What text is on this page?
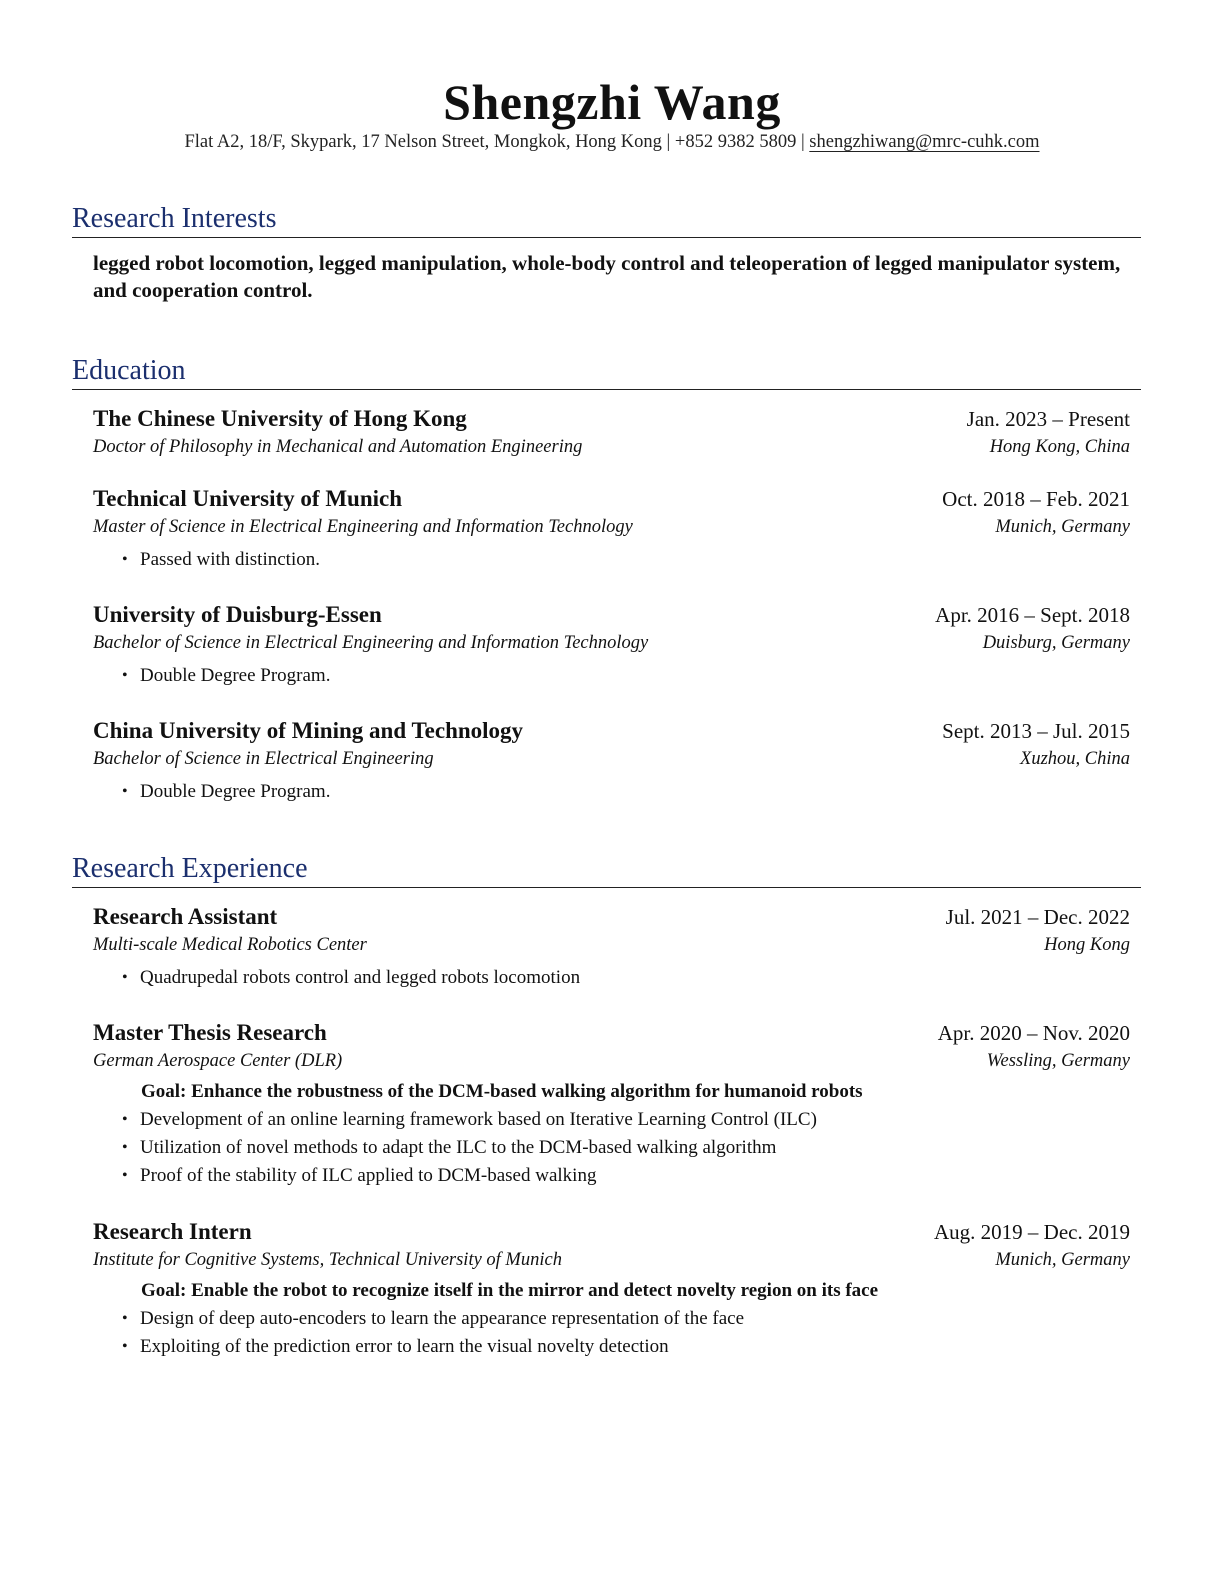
Shengzhi Wang
Flat A2, 18/F, Skypark, 17 Nelson Street, Mongkok, Hong Kong | +852 9382 5809 | shengzhiwang@mrc-cuhk.com
Research Interests
legged robot locomotion, legged manipulation, whole-body control and teleoperation of legged manipulator system, and cooperation control.
Education
The Chinese University of Hong Kong	Jan. 2023 – Present
Doctor of Philosophy in Mechanical and Automation Engineering	Hong Kong, China
Technical University of Munich	Oct. 2018 – Feb. 2021
Master of Science in Electrical Engineering and Information Technology	Munich, Germany
• Passed with distinction.
University of Duisburg-Essen	Apr. 2016 – Sept. 2018
Bachelor of Science in Electrical Engineering and Information Technology	Duisburg, Germany
• Double Degree Program.
China University of Mining and Technology	Sept. 2013 – Jul. 2015
Bachelor of Science in Electrical Engineering	Xuzhou, China
• Double Degree Program.
Research Experience
Research Assistant	Jul. 2021 – Dec. 2022
Multi-scale Medical Robotics Center	Hong Kong
• Quadrupedal robots control and legged robots locomotion
Master Thesis Research	Apr. 2020 – Nov. 2020
German Aerospace Center (DLR)	Wessling, Germany
Goal: Enhance the robustness of the DCM-based walking algorithm for humanoid robots
• Development of an online learning framework based on Iterative Learning Control (ILC)
• Utilization of novel methods to adapt the ILC to the DCM-based walking algorithm
• Proof of the stability of ILC applied to DCM-based walking
Research Intern	Aug. 2019 – Dec. 2019
Institute for Cognitive Systems, Technical University of Munich	Munich, Germany
Goal: Enable the robot to recognize itself in the mirror and detect novelty region on its face
• Design of deep auto-encoders to learn the appearance representation of the face
• Exploiting of the prediction error to learn the visual novelty detection
